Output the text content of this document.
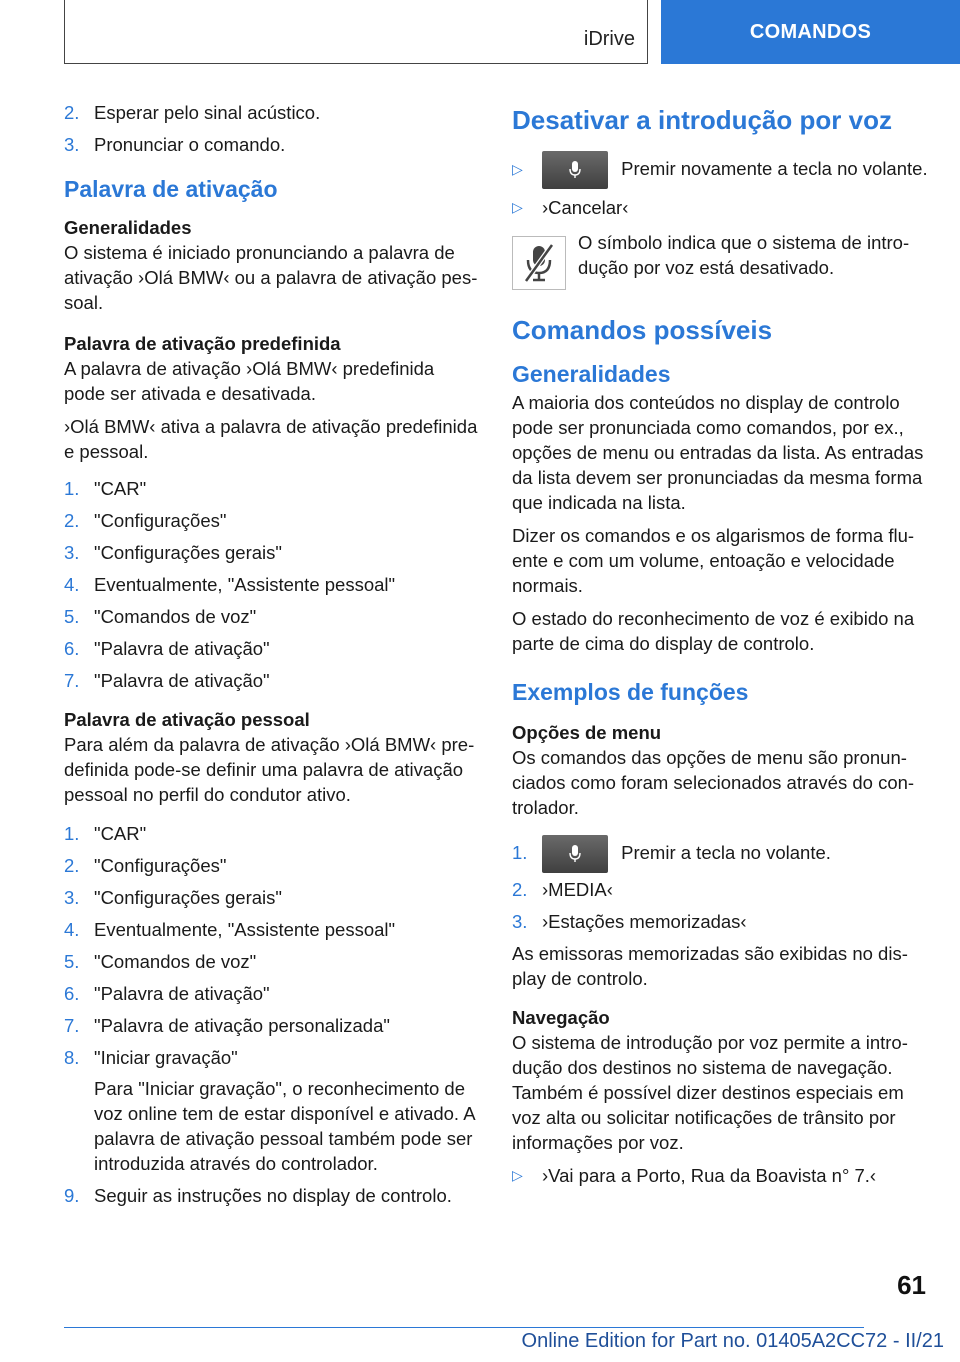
iDrive	COMANDOS
2. Esperar pelo sinal acústico.
3. Pronunciar o comando.
Palavra de ativação
Generalidades

O sistema é iniciado pronunciando a palavra de ativação ›Olá BMW‹ ou a palavra de ativação pessoal.

Palavra de ativação predefinida

A palavra de ativação ›Olá BMW‹ predefinida pode ser ativada e desativada.

›Olá BMW‹ ativa a palavra de ativação predefinida e pessoal.

1. "CAR"
2. "Configurações"
3. "Configurações gerais"
4. Eventualmente, "Assistente pessoal"
5. "Comandos de voz"
6. "Palavra de ativação"
7. "Palavra de ativação"
Palavra de ativação pessoal

Para além da palavra de ativação ›Olá BMW‹ predefinida pode-se definir uma palavra de ativação pessoal no perfil do condutor ativo.

1. "CAR"
2. "Configurações"
3. "Configurações gerais"
4. Eventualmente, "Assistente pessoal"
5. "Comandos de voz"
6. "Palavra de ativação"
7. "Palavra de ativação personalizada"
8. "Iniciar gravação"
Para "Iniciar gravação", o reconhecimento de voz online tem de estar disponível e ativado. A palavra de ativação pessoal também pode ser introduzida através do controlador.
9. Seguir as instruções no display de controlo.
Desativar a introdução por voz
▷	Premir novamente a tecla no volante.
▷ ›Cancelar‹
O símbolo indica que o sistema de introdução por voz está desativado.
Comandos possíveis
Generalidades

A maioria dos conteúdos no display de controlo pode ser pronunciada como comandos, por ex., opções de menu ou entradas da lista. As entradas da lista devem ser pronunciadas da mesma forma que indicada na lista.

Dizer os comandos e os algarismos de forma fluente e com um volume, entoação e velocidade normais.

O estado do reconhecimento de voz é exibido na parte de cima do display de controlo.

Exemplos de funções
Opções de menu

Os comandos das opções de menu são pronunciados como foram selecionados através do controlador.

1.	Premir a tecla no volante.
2. ›MEDIA‹
3. ›Estações memorizadas‹

As emissoras memorizadas são exibidas no display de controlo.

Navegação

O sistema de introdução por voz permite a introdução dos destinos no sistema de navegação. Também é possível dizer destinos especiais em voz alta ou solicitar notificações de trânsito por informações por voz.

▷ ›Vai para a Porto, Rua da Boavista n° 7.‹
61
Online Edition for Part no. 01405A2CC72 - II/21
